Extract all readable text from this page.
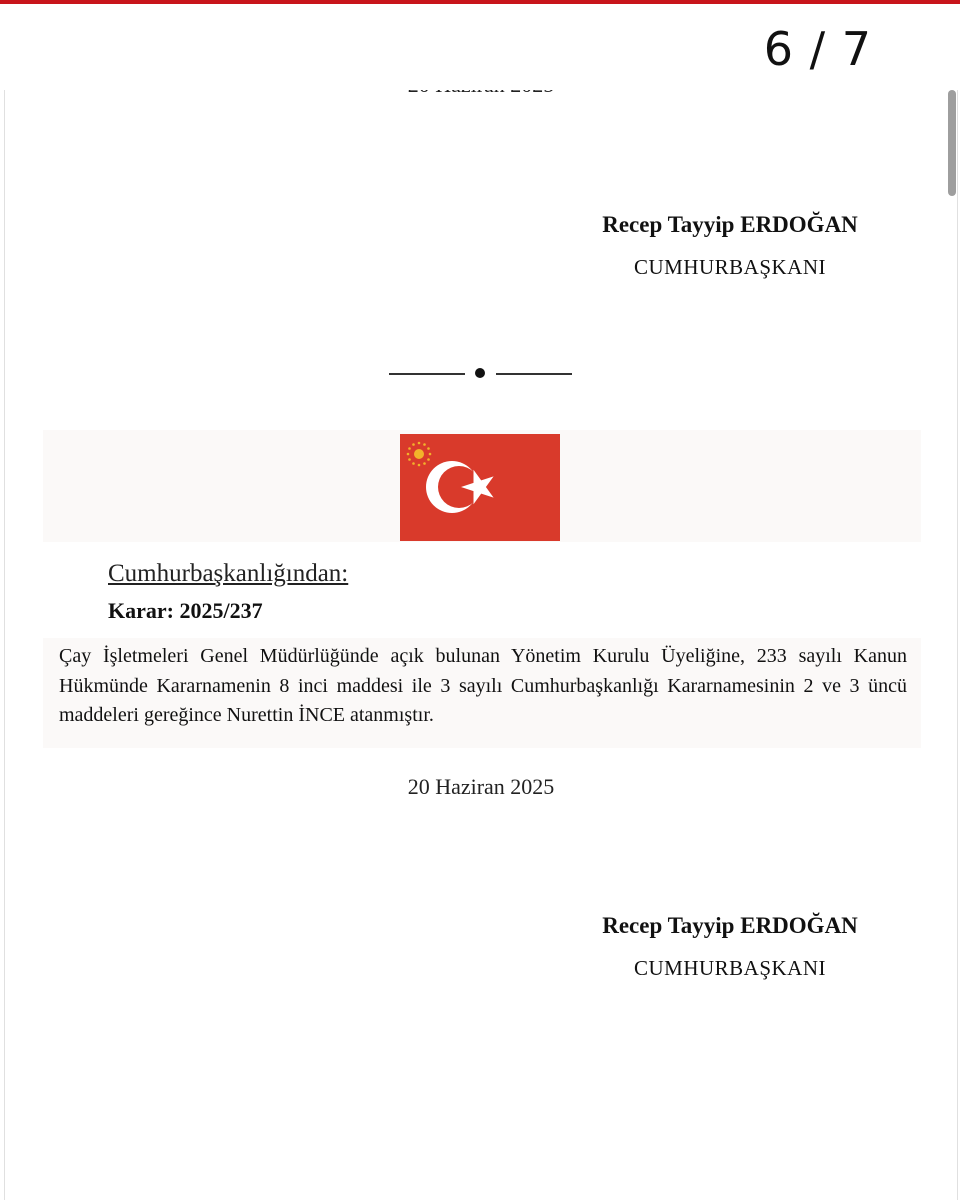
6 / 7
Recep Tayyip ERDOĞAN
CUMHURBAŞKANI
Cumhurbaşkanlığından:
Karar: 2025/237
Çay İşletmeleri Genel Müdürlüğünde açık bulunan Yönetim Kurulu Üyeliğine, 233 sayılı Kanun Hükmünde Kararnamenin 8 inci maddesi ile 3 sayılı Cumhurbaşkanlığı Kararnamesinin 2 ve 3 üncü maddeleri gereğince Nurettin İNCE atanmıştır.
20 Haziran 2025
Recep Tayyip ERDOĞAN
CUMHURBAŞKANI
